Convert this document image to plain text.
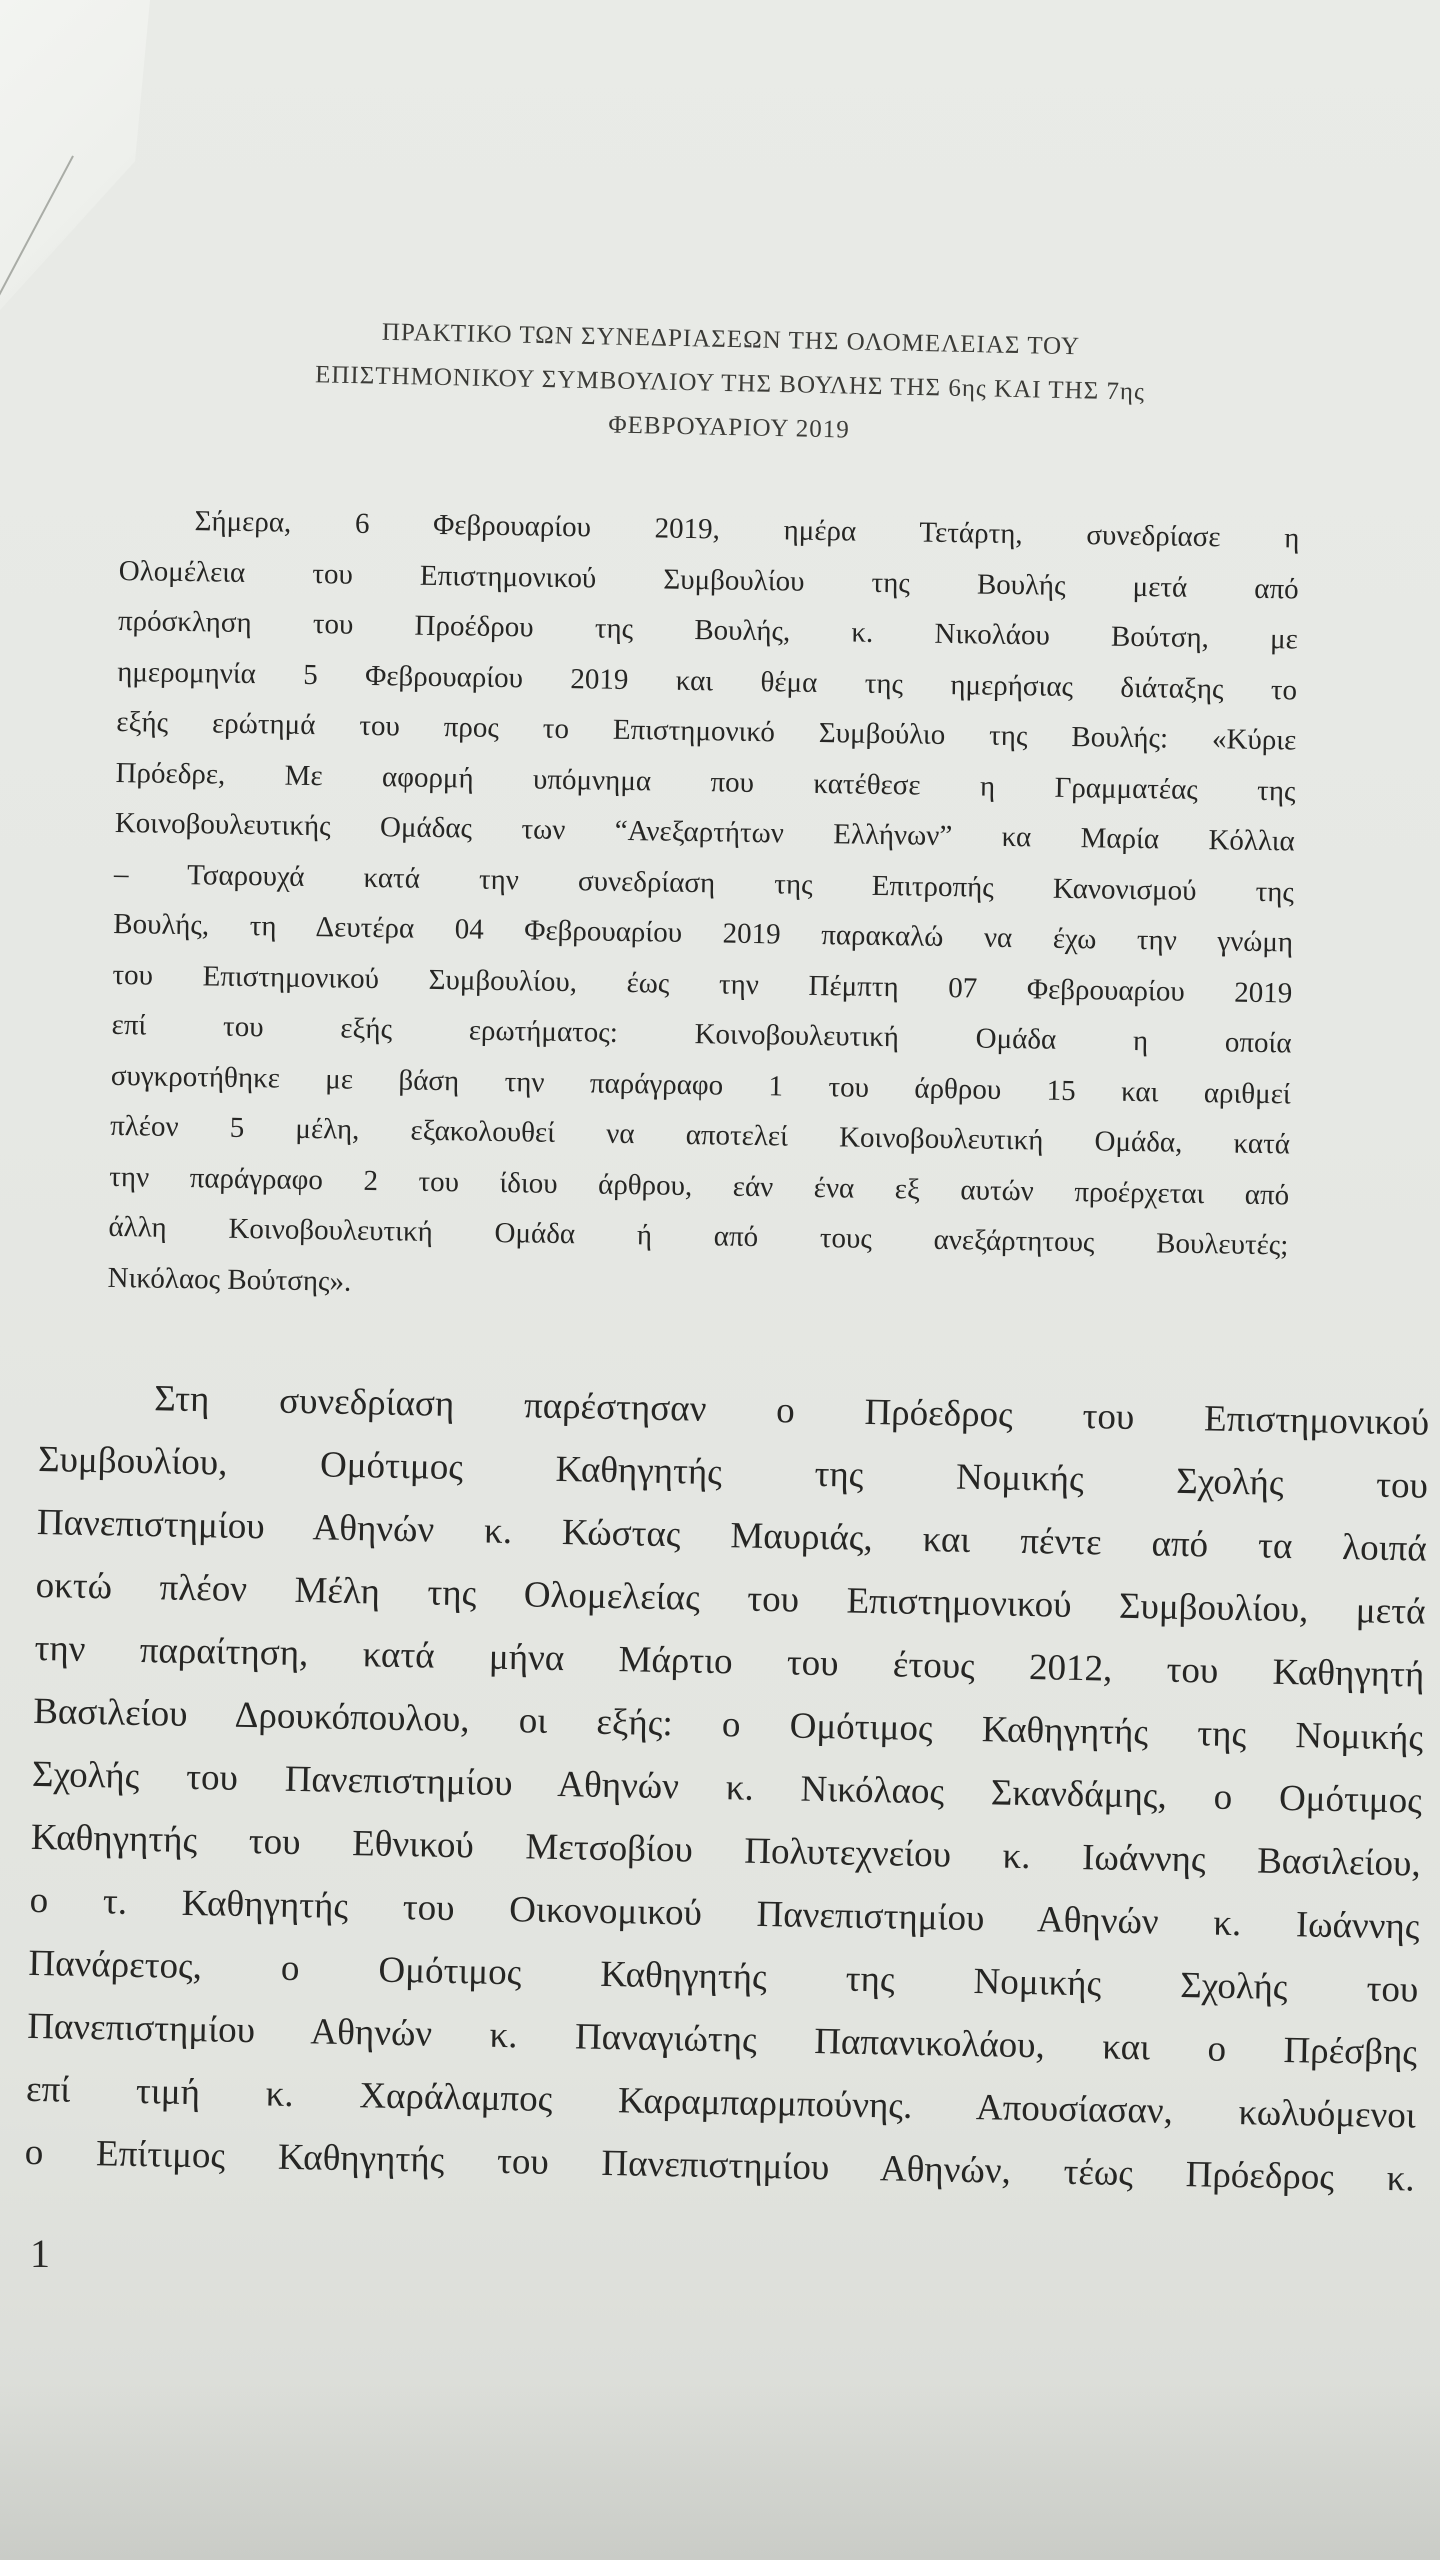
ΠΡΑΚΤΙΚΟ ΤΩΝ ΣΥΝΕΔΡΙΑΣΕΩΝ ΤΗΣ ΟΛΟΜΕΛΕΙΑΣ ΤΟΥ
ΕΠΙΣΤΗΜΟΝΙΚΟΥ ΣΥΜΒΟΥΛΙΟΥ ΤΗΣ ΒΟΥΛΗΣ ΤΗΣ 6ης ΚΑΙ ΤΗΣ 7ης
ΦΕΒΡΟΥΑΡΙΟΥ 2019
Σήμερα, 6 Φεβρουαρίου 2019, ημέρα Τετάρτη, συνεδρίασε η
Ολομέλεια του Επιστημονικού Συμβουλίου της Βουλής μετά από
πρόσκληση του Προέδρου της Βουλής, κ. Νικολάου Βούτση, με
ημερομηνία 5 Φεβρουαρίου 2019 και θέμα της ημερήσιας διάταξης το
εξής ερώτημά του προς το Επιστημονικό Συμβούλιο της Βουλής: «Κύριε
Πρόεδρε, Με αφορμή υπόμνημα που κατέθεσε η Γραμματέας της
Κοινοβουλευτικής Ομάδας των “Ανεξαρτήτων Ελλήνων” κα Μαρία Κόλλια
– Τσαρουχά κατά την συνεδρίαση της Επιτροπής Κανονισμού της
Βουλής, τη Δευτέρα 04 Φεβρουαρίου 2019 παρακαλώ να έχω την γνώμη
του Επιστημονικού Συμβουλίου, έως την Πέμπτη 07 Φεβρουαρίου 2019
επί του εξής ερωτήματος: Κοινοβουλευτική Ομάδα η οποία
συγκροτήθηκε με βάση την παράγραφο 1 του άρθρου 15 και αριθμεί
πλέον 5 μέλη, εξακολουθεί να αποτελεί Κοινοβουλευτική Ομάδα, κατά
την παράγραφο 2 του ίδιου άρθρου, εάν ένα εξ αυτών προέρχεται από
άλλη Κοινοβουλευτική Ομάδα ή από τους ανεξάρτητους Βουλευτές;
Νικόλαος Βούτσης».
Στη συνεδρίαση παρέστησαν ο Πρόεδρος του Επιστημονικού
Συμβουλίου, Ομότιμος Καθηγητής της Νομικής Σχολής του
Πανεπιστημίου Αθηνών κ. Κώστας Μαυριάς, και πέντε από τα λοιπά
οκτώ πλέον Μέλη της Ολομελείας του Επιστημονικού Συμβουλίου, μετά
την παραίτηση, κατά μήνα Μάρτιο του έτους 2012, του Καθηγητή
Βασιλείου Δρουκόπουλου, οι εξής: ο Ομότιμος Καθηγητής της Νομικής
Σχολής του Πανεπιστημίου Αθηνών κ. Νικόλαος Σκανδάμης, ο Ομότιμος
Καθηγητής του Εθνικού Μετσοβίου Πολυτεχνείου κ. Ιωάννης Βασιλείου,
ο τ. Καθηγητής του Οικονομικού Πανεπιστημίου Αθηνών κ. Ιωάννης
Πανάρετος, ο Ομότιμος Καθηγητής της Νομικής Σχολής του
Πανεπιστημίου Αθηνών κ. Παναγιώτης Παπανικολάου, και ο Πρέσβης
επί τιμή κ. Χαράλαμπος Καραμπαρμπούνης. Απουσίασαν, κωλυόμενοι
ο Επίτιμος Καθηγητής του Πανεπιστημίου Αθηνών, τέως Πρόεδρος κ.
1
